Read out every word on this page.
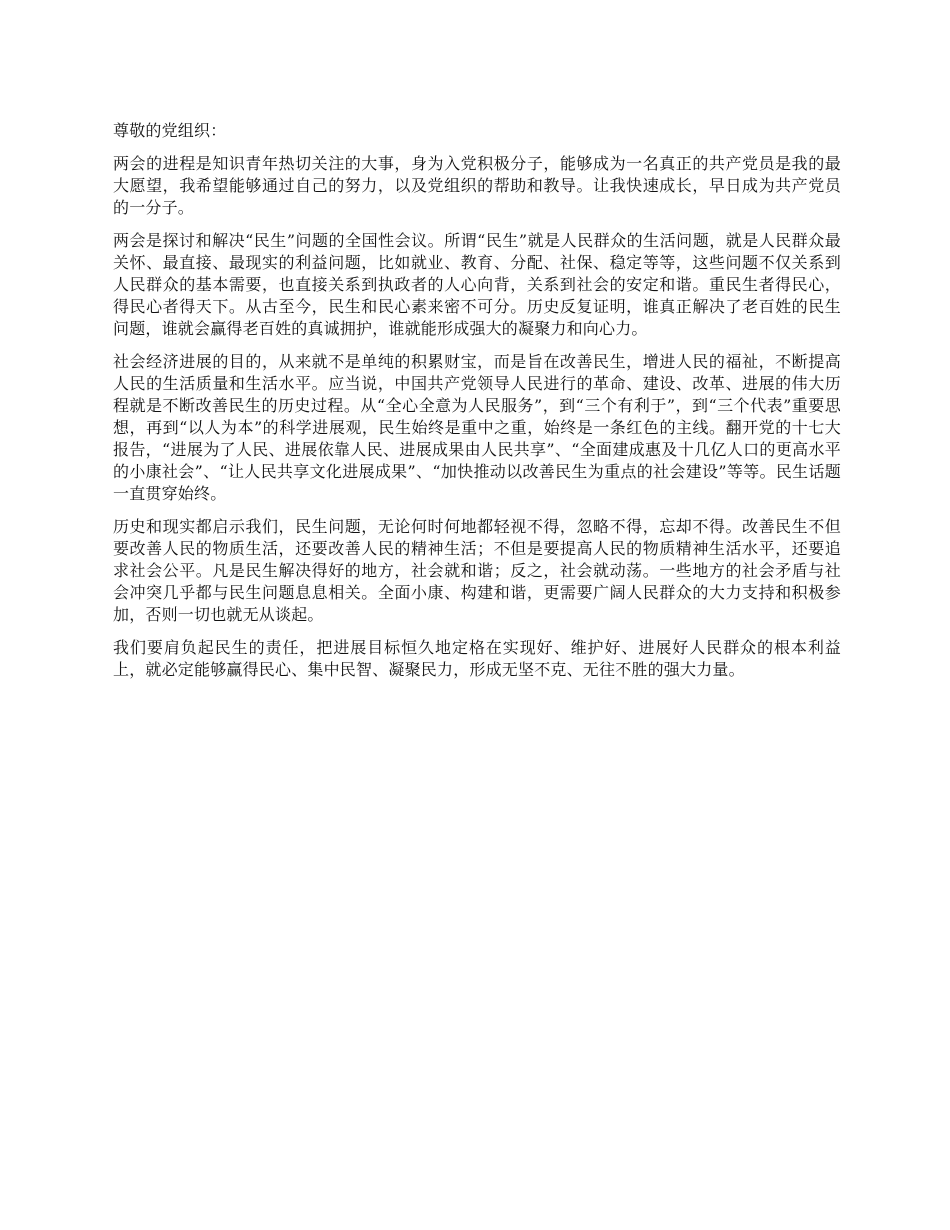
尊敬的党组织：

两会的进程是知识青年热切关注的大事，身为入党积极分子，能够成为一名真正的共产党员是我的最大愿望，我希望能够通过自己的努力，以及党组织的帮助和教导。让我快速成长，早日成为共产党员的一分子。

两会是探讨和解决“民生”问题的全国性会议。所谓“民生”就是人民群众的生活问题，就是人民群众最关怀、最直接、最现实的利益问题，比如就业、教育、分配、社保、稳定等等，这些问题不仅关系到人民群众的基本需要，也直接关系到执政者的人心向背，关系到社会的安定和谐。重民生者得民心，得民心者得天下。从古至今，民生和民心素来密不可分。历史反复证明，谁真正解决了老百姓的民生问题，谁就会赢得老百姓的真诚拥护，谁就能形成强大的凝聚力和向心力。

社会经济进展的目的，从来就不是单纯的积累财宝，而是旨在改善民生，增进人民的福祉，不断提高人民的生活质量和生活水平。应当说，中国共产党领导人民进行的革命、建设、改革、进展的伟大历程就是不断改善民生的历史过程。从“全心全意为人民服务”，到“三个有利于”，到“三个代表”重要思想，再到“以人为本”的科学进展观，民生始终是重中之重，始终是一条红色的主线。翻开党的十七大报告，“进展为了人民、进展依靠人民、进展成果由人民共享”、“全面建成惠及十几亿人口的更高水平的小康社会”、“让人民共享文化进展成果”、“加快推动以改善民生为重点的社会建设”等等。民生话题一直贯穿始终。

历史和现实都启示我们，民生问题，无论何时何地都轻视不得，忽略不得，忘却不得。改善民生不但要改善人民的物质生活，还要改善人民的精神生活；不但是要提高人民的物质精神生活水平，还要追求社会公平。凡是民生解决得好的地方，社会就和谐；反之，社会就动荡。一些地方的社会矛盾与社会冲突几乎都与民生问题息息相关。全面小康、构建和谐，更需要广阔人民群众的大力支持和积极参加，否则一切也就无从谈起。

我们要肩负起民生的责任，把进展目标恒久地定格在实现好、维护好、进展好人民群众的根本利益上，就必定能够赢得民心、集中民智、凝聚民力，形成无坚不克、无往不胜的强大力量。
